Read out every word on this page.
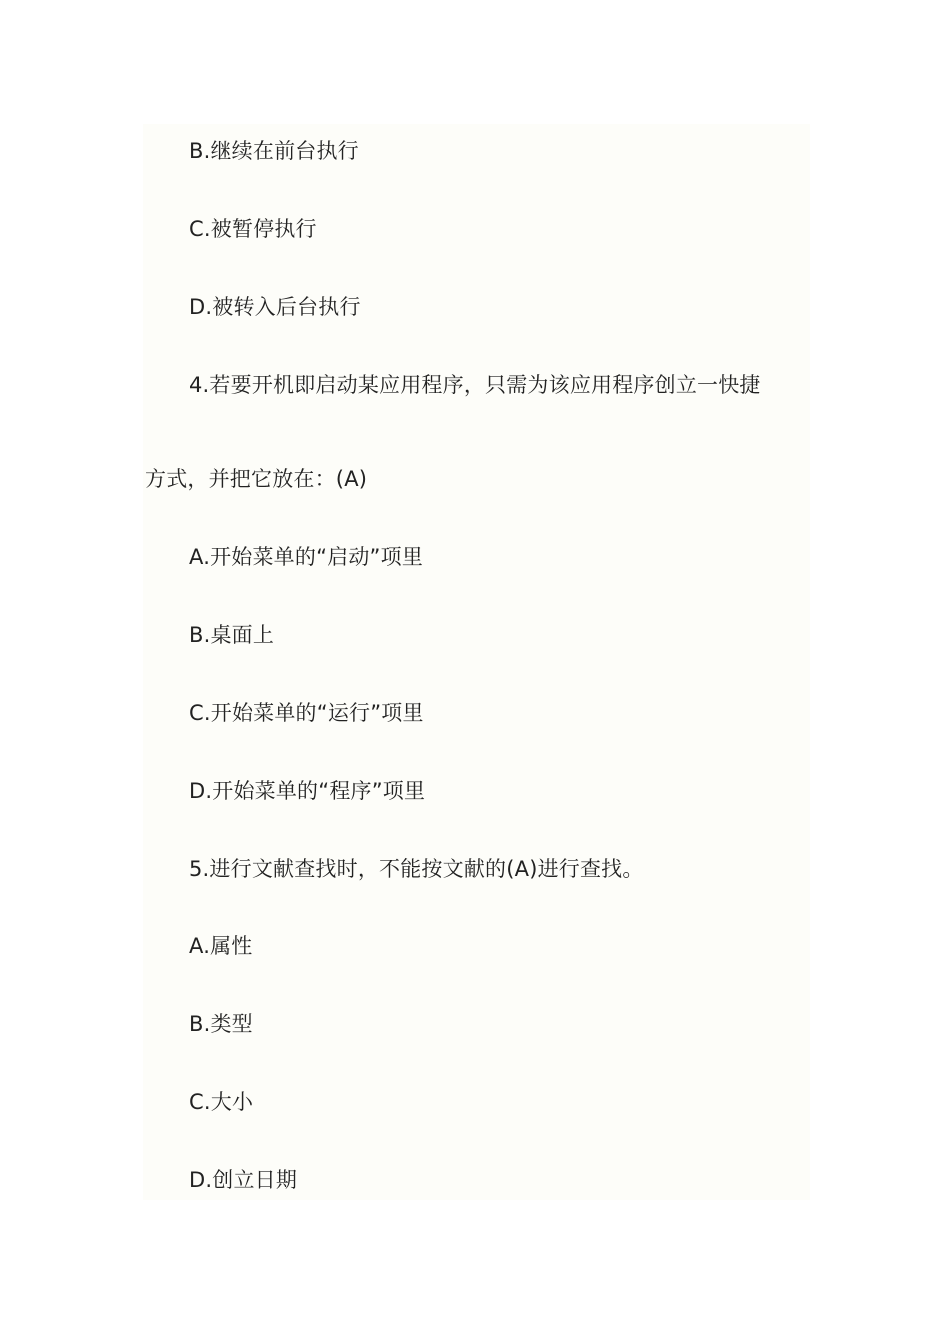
B.继续在前台执行
C.被暂停执行
D.被转入后台执行
4.若要开机即启动某应用程序，只需为该应用程序创立一快捷
方式，并把它放在：(A)
A.开始菜单的“启动”项里
B.桌面上
C.开始菜单的“运行”项里
D.开始菜单的“程序”项里
5.进行文献查找时，不能按文献的(A)进行查找。
A.属性
B.类型
C.大小
D.创立日期
